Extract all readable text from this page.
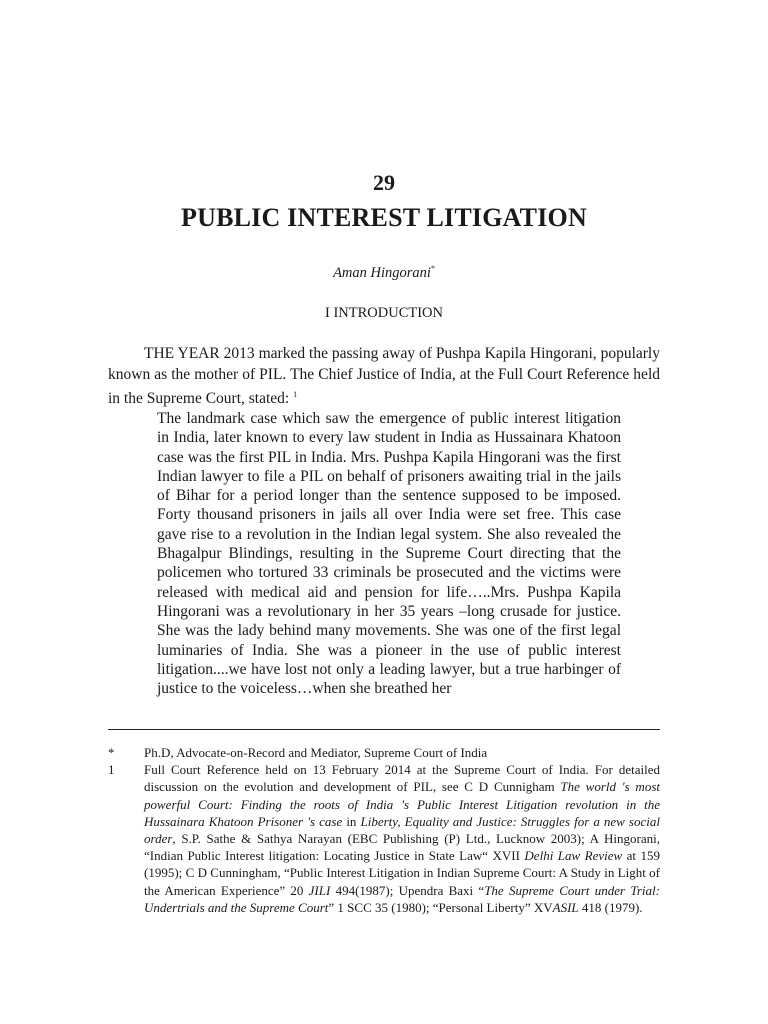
29
PUBLIC INTEREST LITIGATION
Aman Hingorani*
I INTRODUCTION

THE YEAR 2013 marked the passing away of Pushpa Kapila Hingorani, popularly known as the mother of PIL. The Chief Justice of India, at the Full Court Reference held in the Supreme Court, stated: $^1$

The landmark case which saw the emergence of public interest litigation in India, later known to every law student in India as Hussainara Khatoon case was the first PIL in India. Mrs. Pushpa Kapila Hingorani was the first Indian lawyer to file a PIL on behalf of prisoners awaiting trial in the jails of Bihar for a period longer than the sentence supposed to be imposed. Forty thousand prisoners in jails all over India were set free. This case gave rise to a revolution in the Indian legal system. She also revealed the Bhagalpur Blindings, resulting in the Supreme Court directing that the policemen who tortured 33 criminals be prosecuted and the victims were released with medical aid and pension for life…..Mrs. Pushpa Kapila Hingorani was a revolutionary in her 35 years –long crusade for justice. She was the lady behind many movements. She was one of the first legal luminaries of India. She was a pioneer in the use of public interest litigation....we have lost not only a leading lawyer, but a true harbinger of justice to the voiceless…when she breathed her

*	Ph.D, Advocate-on-Record and Mediator, Supreme Court of India
1	Full Court Reference held on 13 February 2014 at the Supreme Court of India. For detailed discussion on the evolution and development of PIL, see C D Cunnigham The world 's most powerful Court: Finding the roots of India 's Public Interest Litigation revolution in the Hussainara Khatoon Prisoner 's case in Liberty, Equality and Justice: Struggles for a new social order, S.P. Sathe & Sathya Narayan (EBC Publishing (P) Ltd., Lucknow 2003); A Hingorani, “Indian Public Interest litigation: Locating Justice in State Law“ XVII Delhi Law Review at 159 (1995); C D Cunningham, “Public Interest Litigation in Indian Supreme Court: A Study in Light of the American Experience” 20 JILI 494(1987); Upendra Baxi “The Supreme Court under Trial: Undertrials and the Supreme Court” 1 SCC 35 (1980); “Personal Liberty” XVASIL 418 (1979).
